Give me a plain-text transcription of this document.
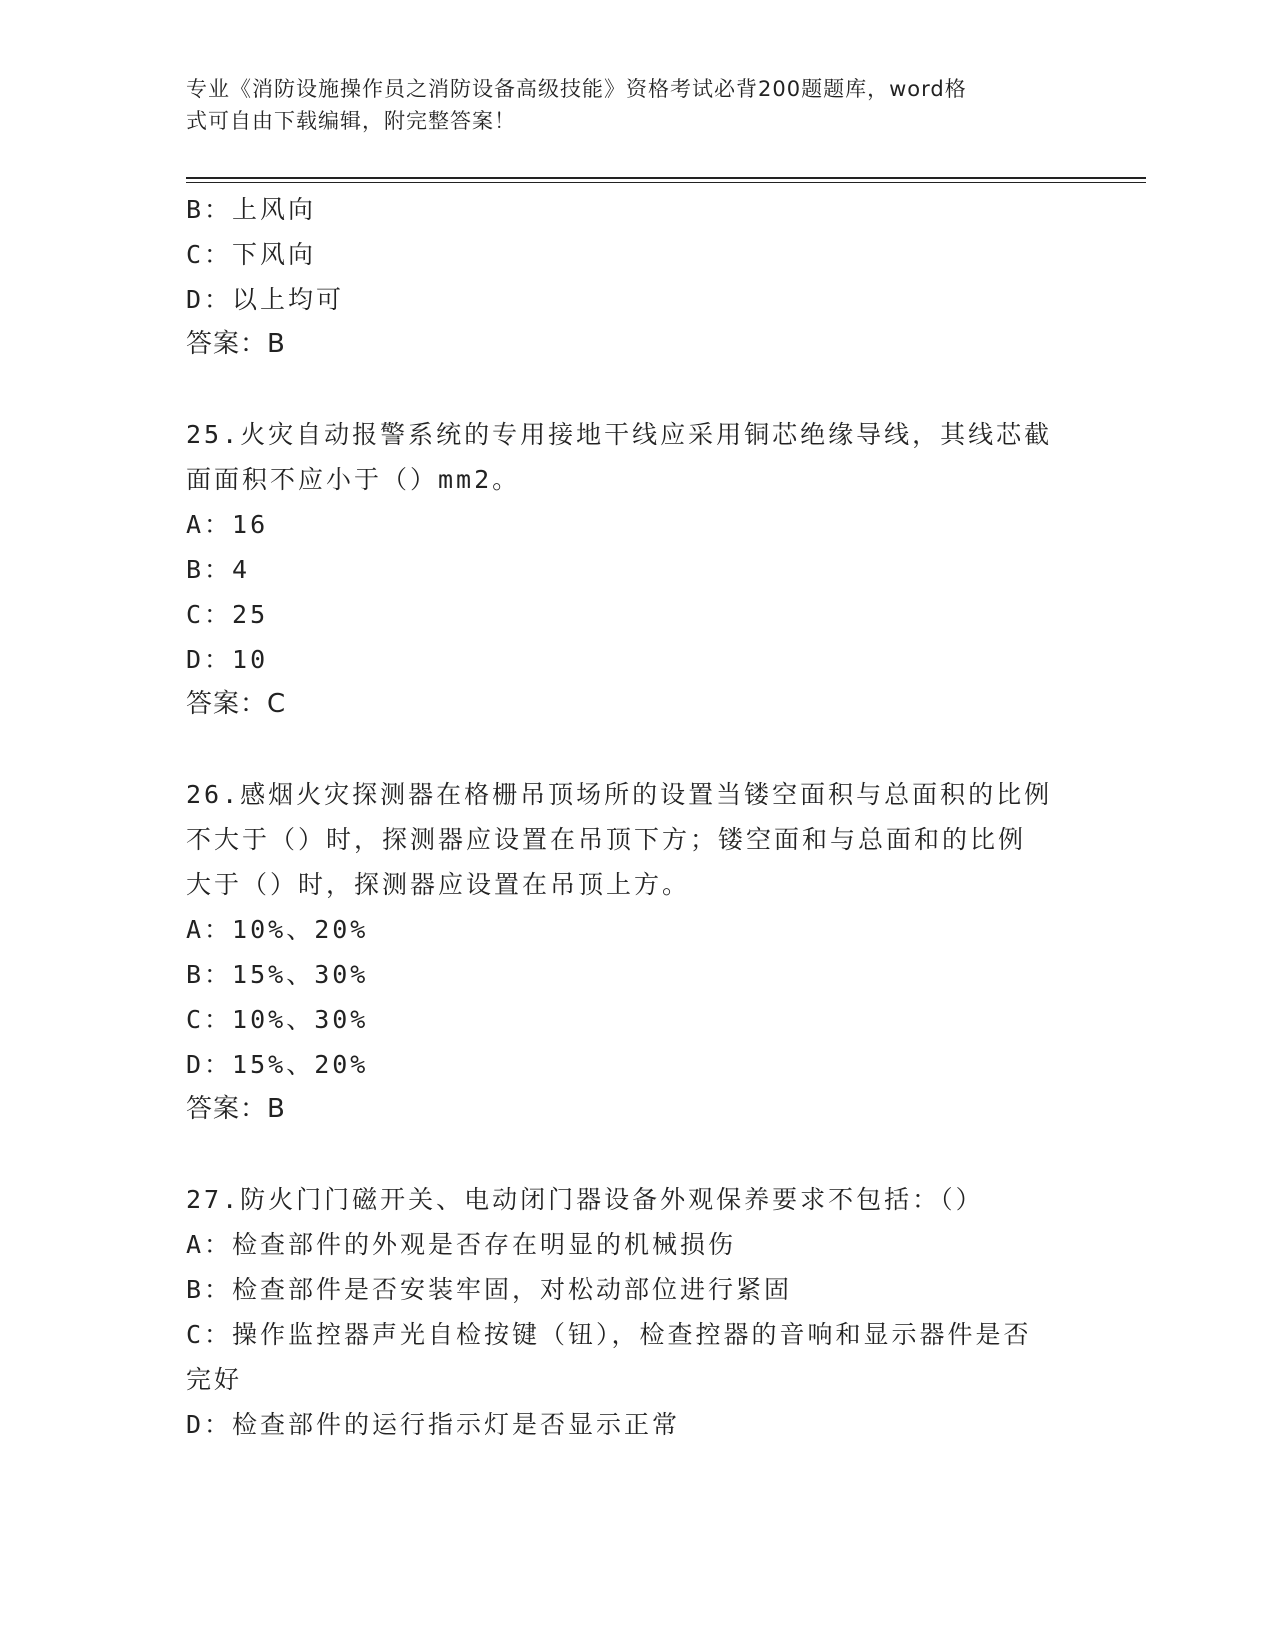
专业《消防设施操作员之消防设备高级技能》资格考试必背200题题库，word格
式可自由下载编辑，附完整答案！
B：上风向
C：下风向
D：以上均可
答案：B
25.火灾自动报警系统的专用接地干线应采用铜芯绝缘导线，其线芯截
面面积不应小于（）mm2。
A：16
B：4
C：25
D：10
答案：C
26.感烟火灾探测器在格栅吊顶场所的设置当镂空面积与总面积的比例
不大于（）时，探测器应设置在吊顶下方；镂空面和与总面和的比例
大于（）时，探测器应设置在吊顶上方。
A：10%、20%
B：15%、30%
C：10%、30%
D：15%、20%
答案：B
27.防火门门磁开关、电动闭门器设备外观保养要求不包括：（）
A：检查部件的外观是否存在明显的机械损伤
B：检查部件是否安装牢固，对松动部位进行紧固
C：操作监控器声光自检按键（钮），检查控器的音响和显示器件是否
完好
D：检查部件的运行指示灯是否显示正常
